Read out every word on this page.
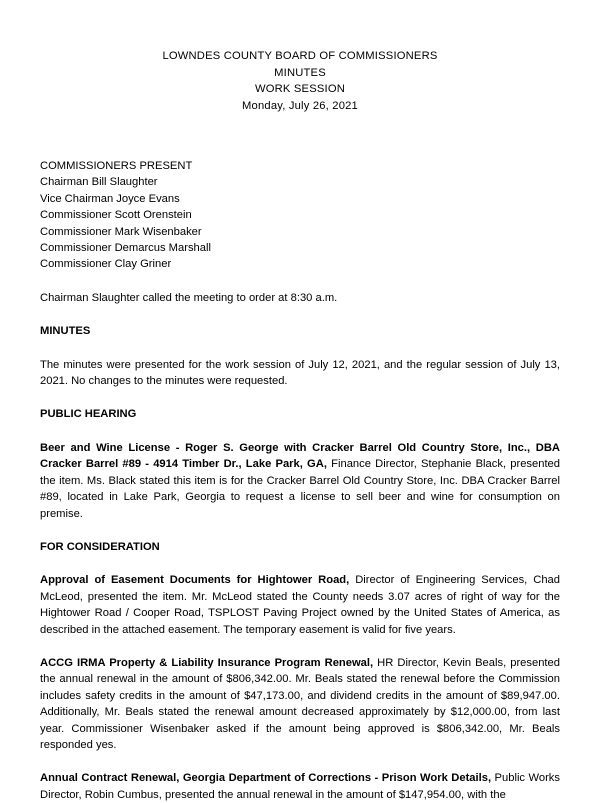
LOWNDES COUNTY BOARD OF COMMISSIONERS
MINUTES
WORK SESSION
Monday, July 26, 2021
COMMISSIONERS PRESENT
Chairman Bill Slaughter
Vice Chairman Joyce Evans
Commissioner Scott Orenstein
Commissioner Mark Wisenbaker
Commissioner Demarcus Marshall
Commissioner Clay Griner

Chairman Slaughter called the meeting to order at 8:30 a.m.

MINUTES

The minutes were presented for the work session of July 12, 2021, and the regular session of July 13, 2021. No changes to the minutes were requested.

PUBLIC HEARING

Beer and Wine License - Roger S. George with Cracker Barrel Old Country Store, Inc., DBA Cracker Barrel #89 - 4914 Timber Dr., Lake Park, GA, Finance Director, Stephanie Black, presented the item. Ms. Black stated this item is for the Cracker Barrel Old Country Store, Inc. DBA Cracker Barrel #89, located in Lake Park, Georgia to request a license to sell beer and wine for consumption on premise.

FOR CONSIDERATION

Approval of Easement Documents for Hightower Road, Director of Engineering Services, Chad McLeod, presented the item. Mr. McLeod stated the County needs 3.07 acres of right of way for the Hightower Road / Cooper Road, TSPLOST Paving Project owned by the United States of America, as described in the attached easement. The temporary easement is valid for five years.

ACCG IRMA Property & Liability Insurance Program Renewal, HR Director, Kevin Beals, presented the annual renewal in the amount of $806,342.00. Mr. Beals stated the renewal before the Commission includes safety credits in the amount of $47,173.00, and dividend credits in the amount of $89,947.00. Additionally, Mr. Beals stated the renewal amount decreased approximately by $12,000.00, from last year. Commissioner Wisenbaker asked if the amount being approved is $806,342.00, Mr. Beals responded yes.

Annual Contract Renewal, Georgia Department of Corrections - Prison Work Details, Public Works Director, Robin Cumbus, presented the annual renewal in the amount of $147,954.00, with the
